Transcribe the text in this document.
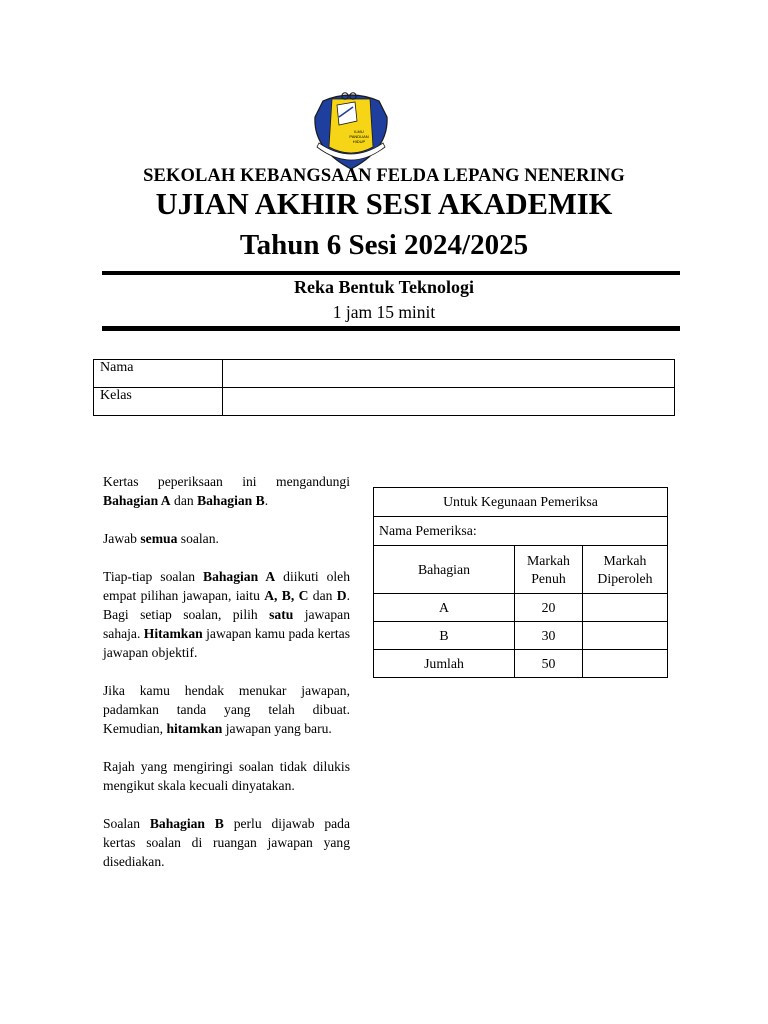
ILMU
PANDUAN
HIDUP
SEKOLAH KEBANGSAAN FELDA LEPANG NENERING
UJIAN AKHIR SESI AKADEMIK
Tahun 6 Sesi 2024/2025
Reka Bentuk Teknologi
1 jam 15 minit
Nama	
Kelas	

Kertas peperiksaan ini mengandungi Bahagian A dan Bahagian B.

Jawab semua soalan.

Tiap-tiap soalan Bahagian A diikuti oleh empat pilihan jawapan, iaitu A, B, C dan D. Bagi setiap soalan, pilih satu jawapan sahaja. Hitamkan jawapan kamu pada kertas jawapan objektif.

Jika kamu hendak menukar jawapan, padamkan tanda yang telah dibuat. Kemudian, hitamkan jawapan yang baru.

Rajah yang mengiringi soalan tidak dilukis mengikut skala kecuali dinyatakan.

Soalan Bahagian B perlu dijawab pada kertas soalan di ruangan jawapan yang disediakan.

Untuk Kegunaan Pemeriksa		
Nama Pemeriksa:		
Bahagian	Markah Penuh	Markah Diperoleh
A	20	
B	30	
Jumlah	50	
